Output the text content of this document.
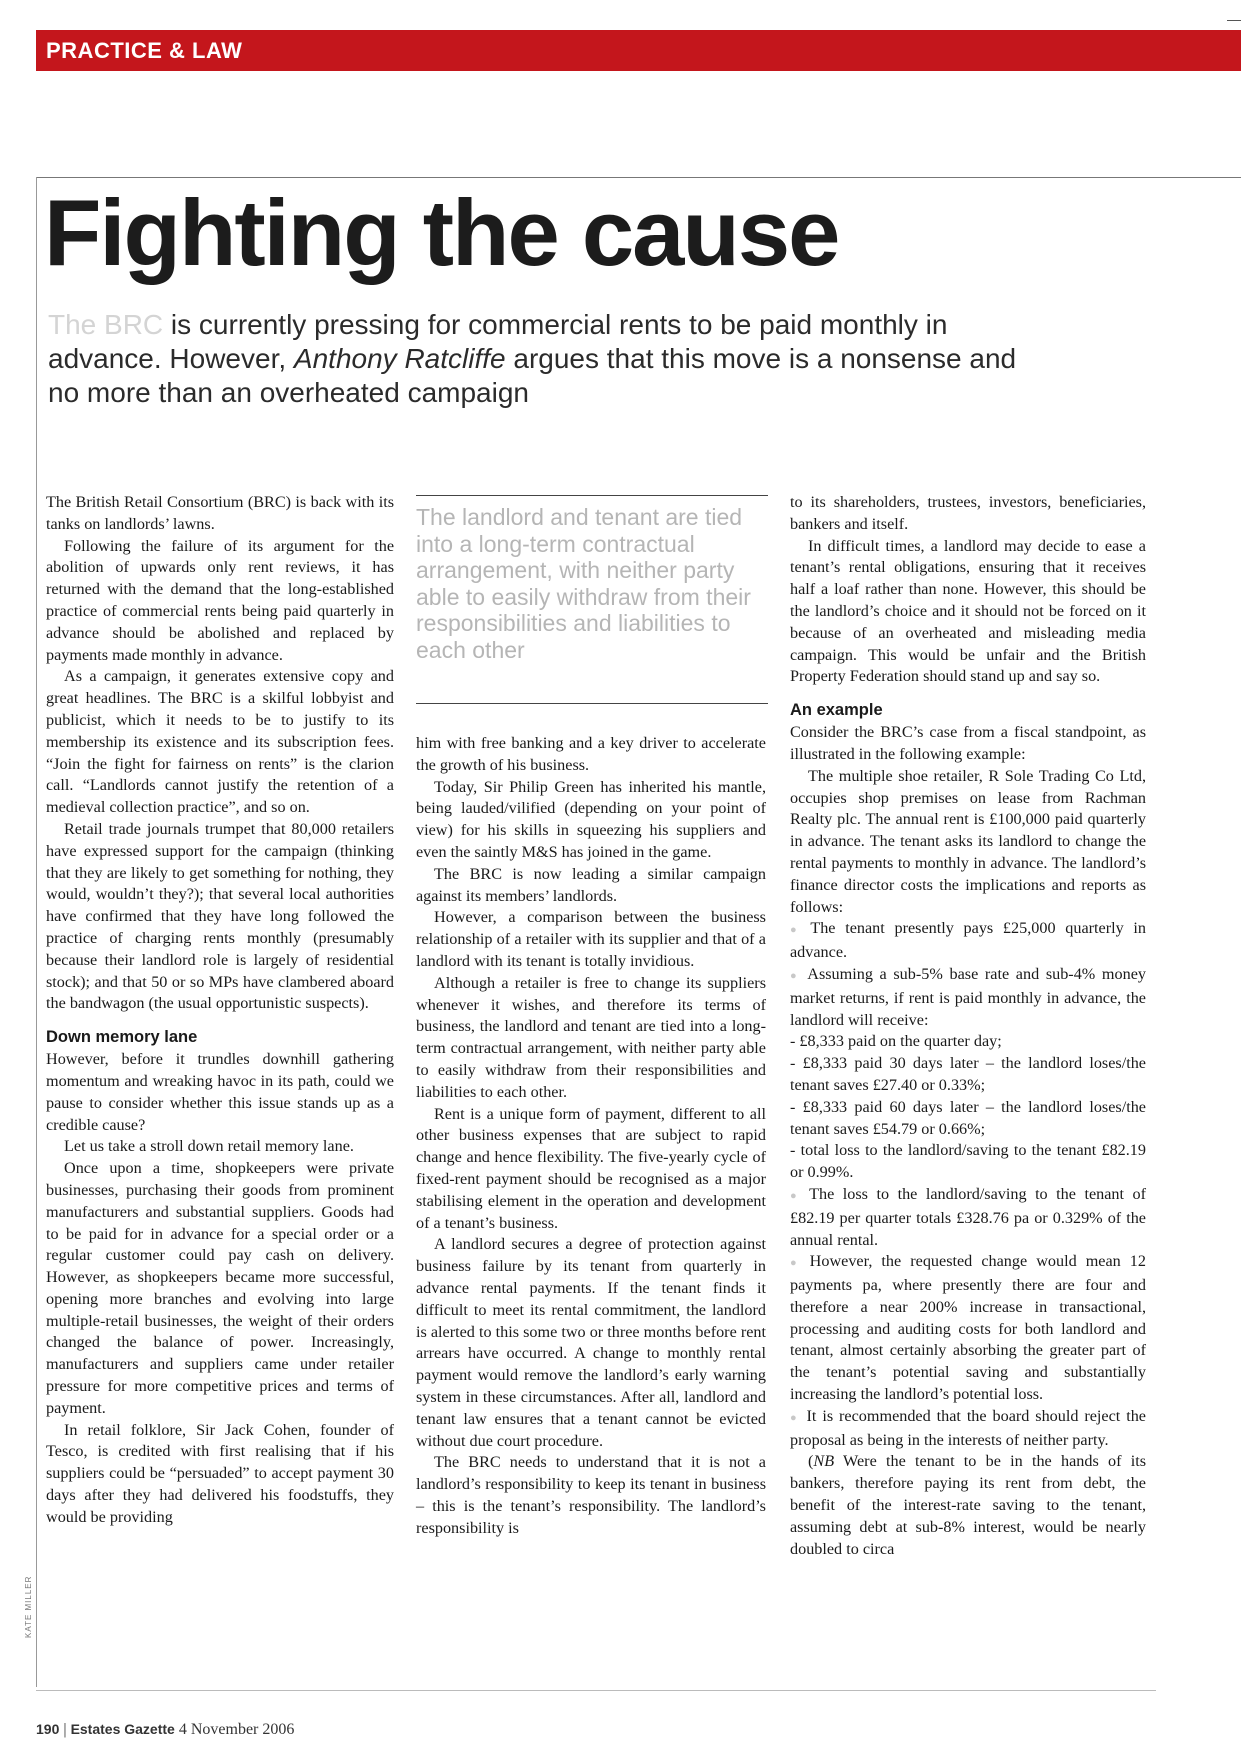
PRACTICE & LAW
Fighting the cause

The BRC is currently pressing for commercial rents to be paid monthly in advance. However, Anthony Ratcliffe argues that this move is a nonsense and no more than an overheated campaign

The British Retail Consortium (BRC) is back with its tanks on landlords’ lawns.

Following the failure of its argument for the abolition of upwards only rent reviews, it has returned with the demand that the long-established practice of commercial rents being paid quarterly in advance should be abolished and replaced by payments made monthly in advance.

As a campaign, it generates extensive copy and great headlines. The BRC is a skilful lobbyist and publicist, which it needs to be to justify to its membership its existence and its subscription fees. “Join the fight for fairness on rents” is the clarion call. “Landlords cannot justify the retention of a medieval collection practice”, and so on.

Retail trade journals trumpet that 80,000 retailers have expressed support for the campaign (thinking that they are likely to get something for nothing, they would, wouldn’t they?); that several local authorities have confirmed that they have long followed the practice of charging rents monthly (presumably because their landlord role is largely of residential stock); and that 50 or so MPs have clambered aboard the bandwagon (the usual opportunistic suspects).

Down memory lane

However, before it trundles downhill gathering momentum and wreaking havoc in its path, could we pause to consider whether this issue stands up as a credible cause?

Let us take a stroll down retail memory lane.

Once upon a time, shopkeepers were private businesses, purchasing their goods from prominent manufacturers and substantial suppliers. Goods had to be paid for in advance for a special order or a regular customer could pay cash on delivery. However, as shopkeepers became more successful, opening more branches and evolving into large multiple-retail businesses, the weight of their orders changed the balance of power. Increasingly, manufacturers and suppliers came under retailer pressure for more competitive prices and terms of payment.

In retail folklore, Sir Jack Cohen, founder of Tesco, is credited with first realising that if his suppliers could be “persuaded” to accept payment 30 days after they had delivered his foodstuffs, they would be providing

The landlord and tenant are tied into a long-term contractual arrangement, with neither party able to easily withdraw from their responsibilities and liabilities to each other

him with free banking and a key driver to accelerate the growth of his business.

Today, Sir Philip Green has inherited his mantle, being lauded/vilified (depending on your point of view) for his skills in squeezing his suppliers and even the saintly M&S has joined in the game.

The BRC is now leading a similar campaign against its members’ landlords.

However, a comparison between the business relationship of a retailer with its supplier and that of a landlord with its tenant is totally invidious.

Although a retailer is free to change its suppliers whenever it wishes, and therefore its terms of business, the landlord and tenant are tied into a long-term contractual arrangement, with neither party able to easily withdraw from their responsibilities and liabilities to each other.

Rent is a unique form of payment, different to all other business expenses that are subject to rapid change and hence flexibility. The five-yearly cycle of fixed-rent payment should be recognised as a major stabilising element in the operation and development of a tenant’s business.

A landlord secures a degree of protection against business failure by its tenant from quarterly in advance rental payments. If the tenant finds it difficult to meet its rental commitment, the landlord is alerted to this some two or three months before rent arrears have occurred. A change to monthly rental payment would remove the landlord’s early warning system in these circumstances. After all, landlord and tenant law ensures that a tenant cannot be evicted without due court procedure.

The BRC needs to understand that it is not a landlord’s responsibility to keep its tenant in business – this is the tenant’s responsibility. The landlord’s responsibility is

to its shareholders, trustees, investors, beneficiaries, bankers and itself.

In difficult times, a landlord may decide to ease a tenant’s rental obligations, ensuring that it receives half a loaf rather than none. However, this should be the landlord’s choice and it should not be forced on it because of an overheated and misleading media campaign. This would be unfair and the British Property Federation should stand up and say so.

An example

Consider the BRC’s case from a fiscal standpoint, as illustrated in the following example:

The multiple shoe retailer, R Sole Trading Co Ltd, occupies shop premises on lease from Rachman Realty plc. The annual rent is £100,000 paid quarterly in advance. The tenant asks its landlord to change the rental payments to monthly in advance. The landlord’s finance director costs the implications and reports as follows:

● The tenant presently pays £25,000 quarterly in advance.

● Assuming a sub-5% base rate and sub-4% money market returns, if rent is paid monthly in advance, the landlord will receive:

- £8,333 paid on the quarter day;

- £8,333 paid 30 days later – the landlord loses/the tenant saves £27.40 or 0.33%;

- £8,333 paid 60 days later – the landlord loses/the tenant saves £54.79 or 0.66%;

- total loss to the landlord/saving to the tenant £82.19 or 0.99%.

● The loss to the landlord/saving to the tenant of £82.19 per quarter totals £328.76 pa or 0.329% of the annual rental.

● However, the requested change would mean 12 payments pa, where presently there are four and therefore a near 200% increase in transactional, processing and auditing costs for both landlord and tenant, almost certainly absorbing the greater part of the tenant’s potential saving and substantially increasing the landlord’s potential loss.

● It is recommended that the board should reject the proposal as being in the interests of neither party.

(NB Were the tenant to be in the hands of its bankers, therefore paying its rent from debt, the benefit of the interest-rate saving to the tenant, assuming debt at sub-8% interest, would be nearly doubled to circa

KATE MILLER
190 | Estates Gazette 4 November 2006
